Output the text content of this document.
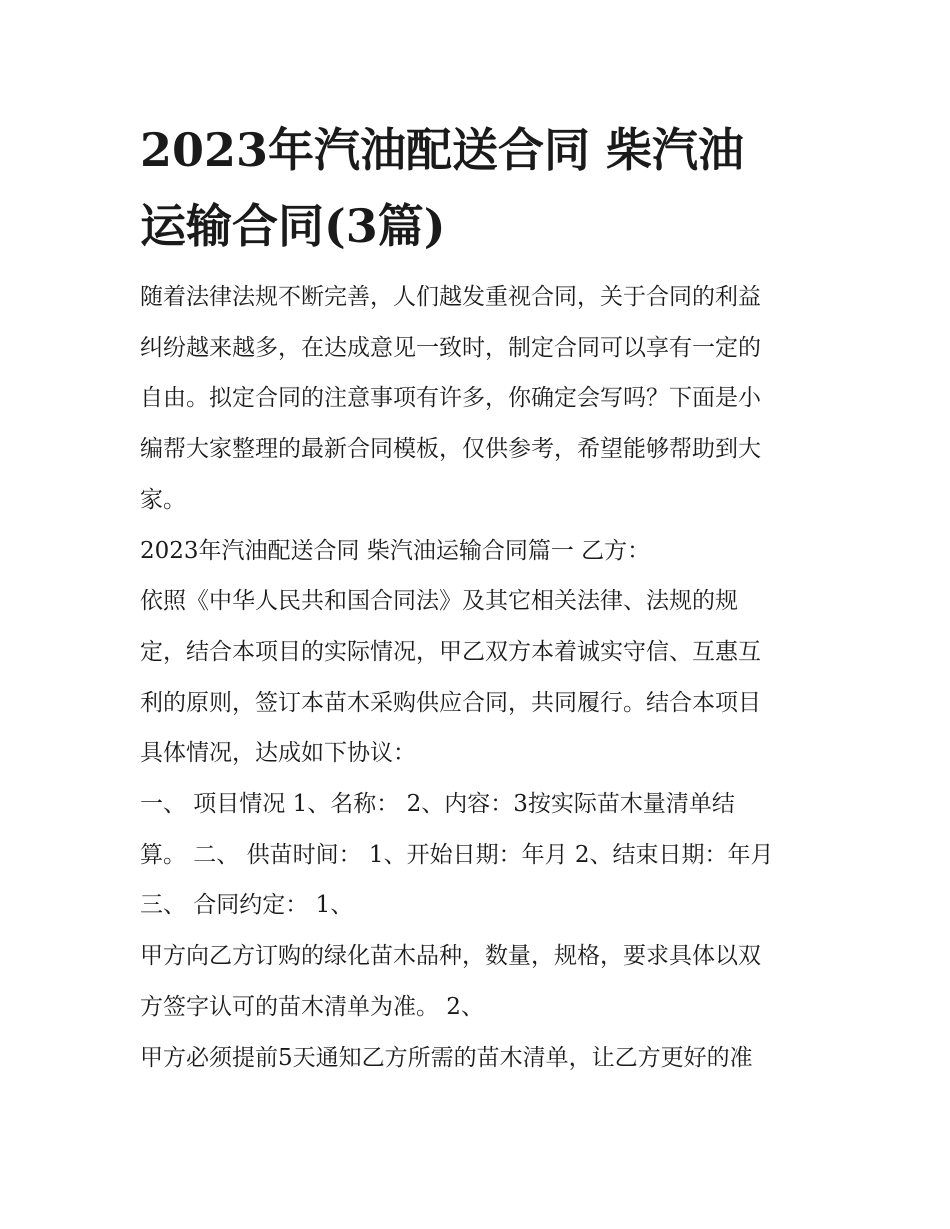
2023年汽油配送合同 柴汽油

运输合同(3篇)

随着法律法规不断完善，人们越发重视合同，关于合同的利益

纠纷越来越多，在达成意见一致时，制定合同可以享有一定的

自由。拟定合同的注意事项有许多，你确定会写吗？下面是小

编帮大家整理的最新合同模板，仅供参考，希望能够帮助到大

家。

2023年汽油配送合同 柴汽油运输合同篇一 乙方：

依照《中华人民共和国合同法》及其它相关法律、法规的规

定，结合本项目的实际情况，甲乙双方本着诚实守信、互惠互

利的原则，签订本苗木采购供应合同，共同履行。结合本项目

具体情况，达成如下协议：

一、 项目情况 1、名称： 2、内容：3按实际苗木量清单结

算。 二、 供苗时间： 1、开始日期：年月 2、结束日期：年月

三、 合同约定： 1、

甲方向乙方订购的绿化苗木品种，数量，规格，要求具体以双

方签字认可的苗木清单为准。 2、

甲方必须提前5天通知乙方所需的苗木清单，让乙方更好的准
